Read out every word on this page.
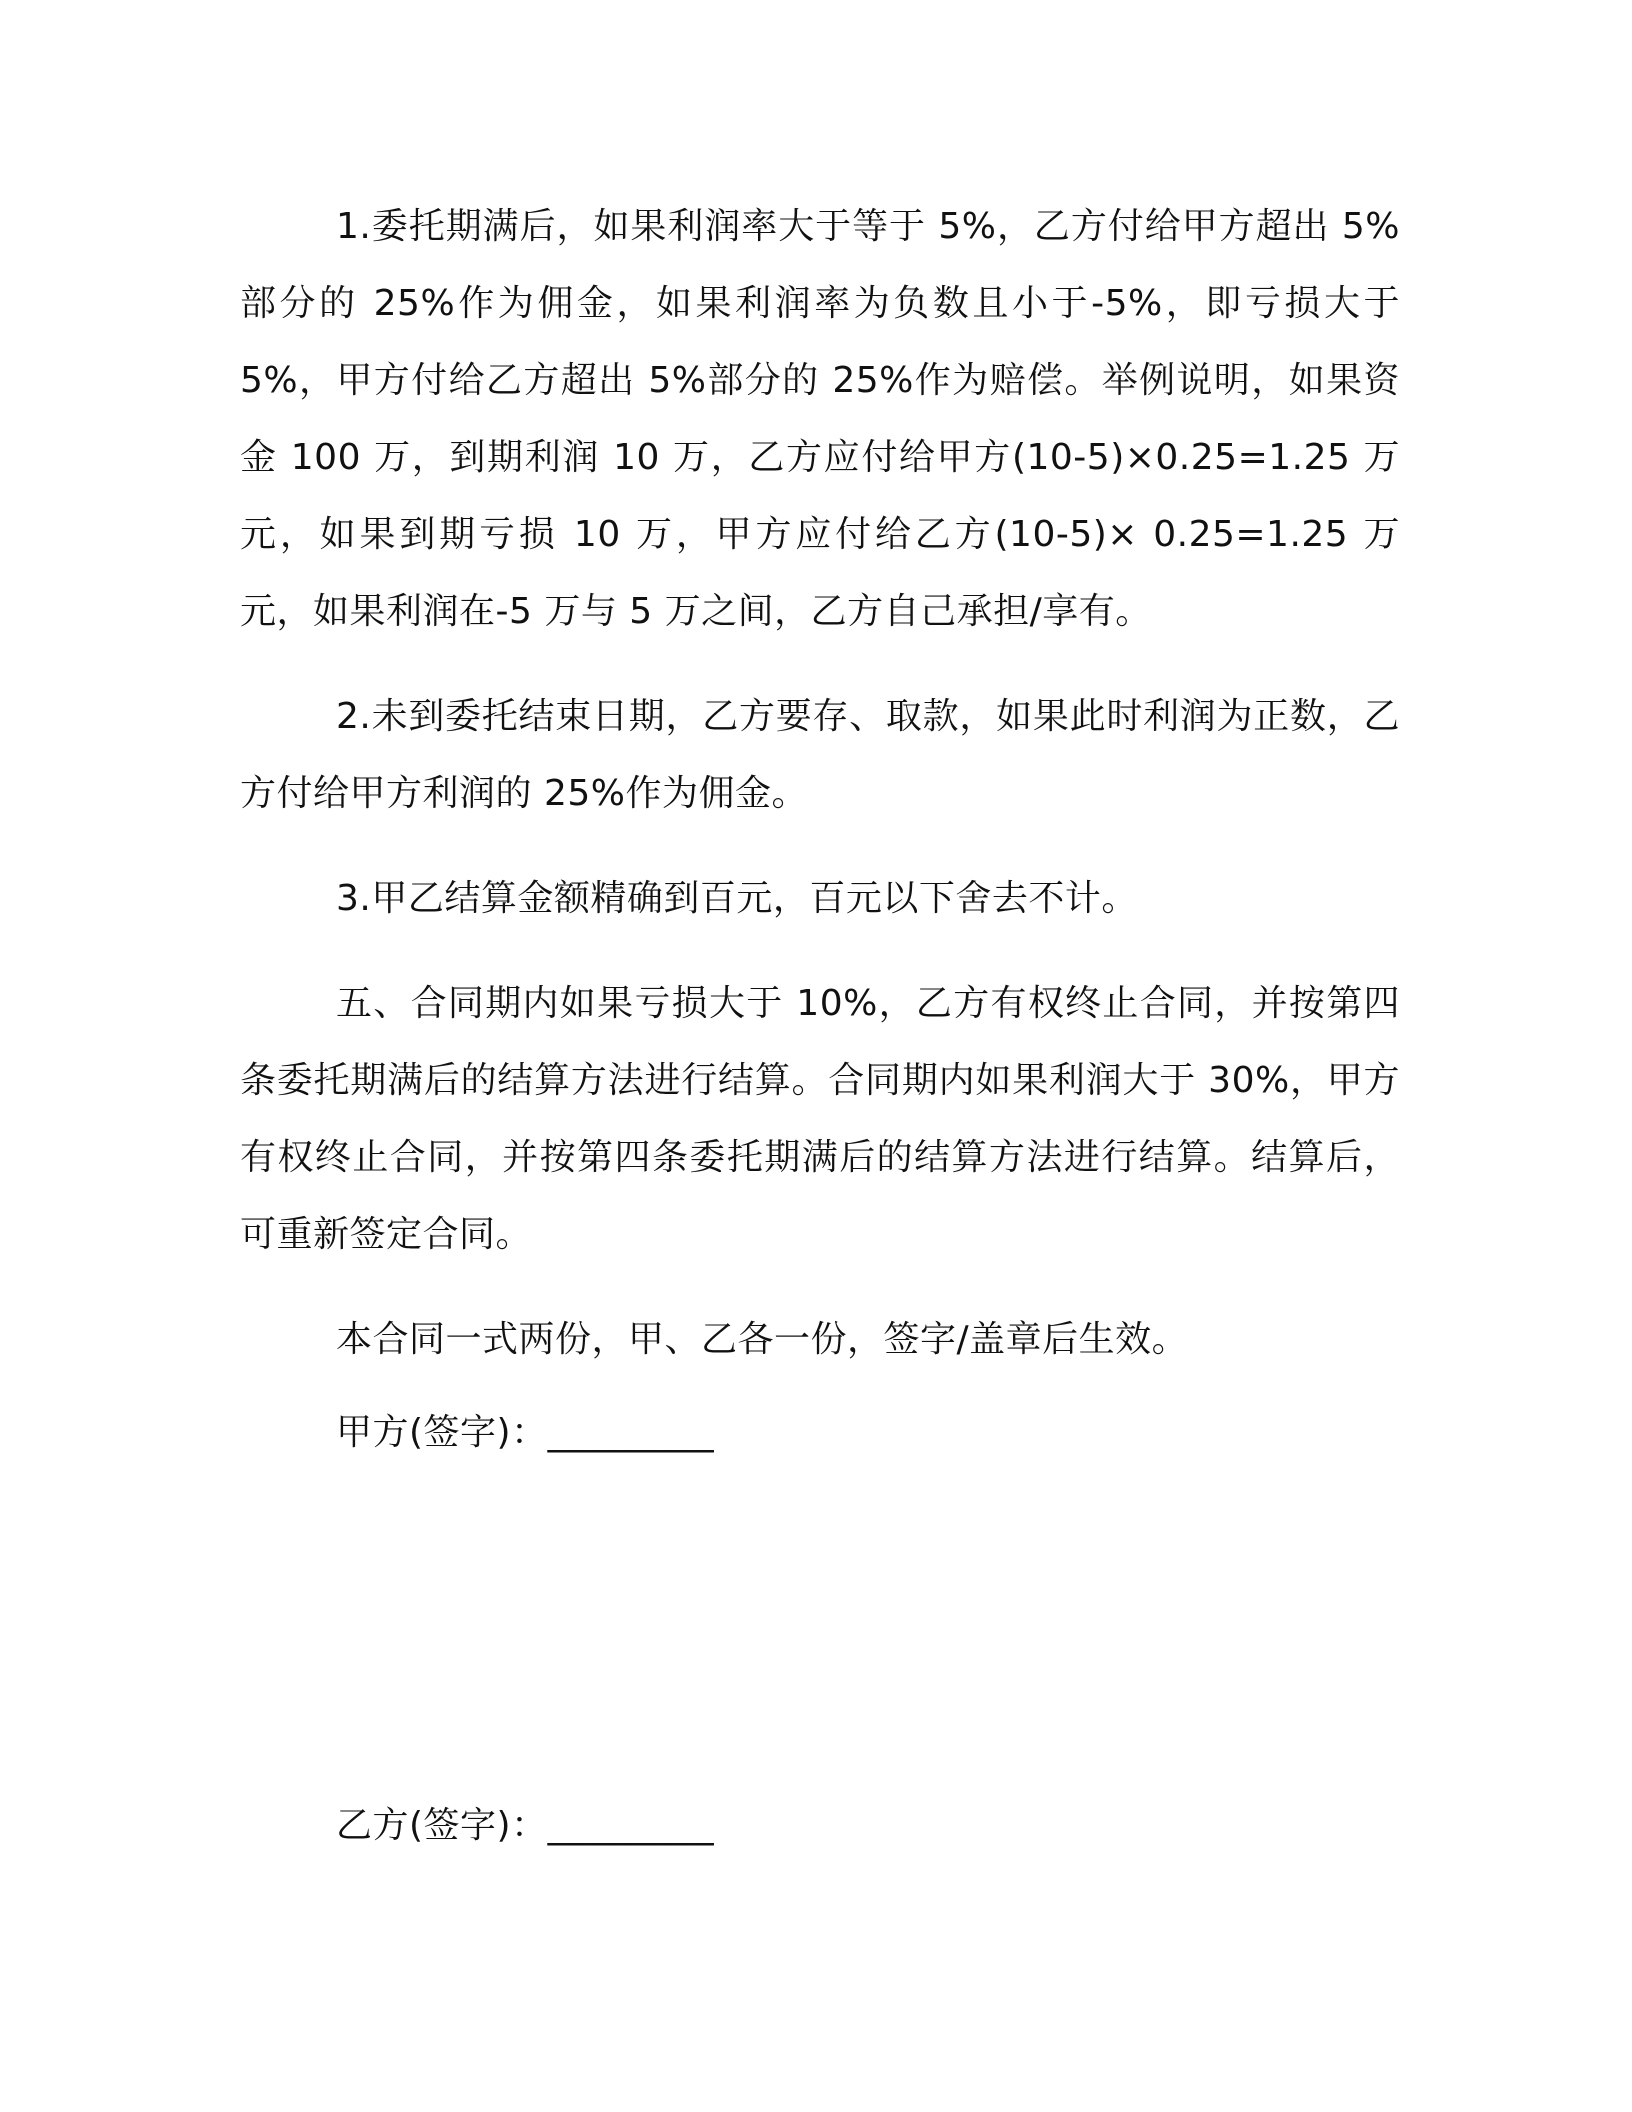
1.委托期满后，如果利润率大于等于 5%，乙方付给甲方超出 5%部分的 25%作为佣金，如果利润率为负数且小于-5%，即亏损大于 5%，甲方付给乙方超出 5%部分的 25%作为赔偿。举例说明，如果资金 100 万，到期利润 10 万，乙方应付给甲方(10-5)×0.25=1.25 万元，如果到期亏损 10 万，甲方应付给乙方(10-5)× 0.25=1.25 万元，如果利润在-5 万与 5 万之间，乙方自己承担/享有。

2.未到委托结束日期，乙方要存、取款，如果此时利润为正数，乙方付给甲方利润的 25%作为佣金。

3.甲乙结算金额精确到百元，百元以下舍去不计。

五、合同期内如果亏损大于 10%，乙方有权终止合同，并按第四条委托期满后的结算方法进行结算。合同期内如果利润大于 30%，甲方有权终止合同，并按第四条委托期满后的结算方法进行结算。结算后，可重新签定合同。

本合同一式两份，甲、乙各一份，签字/盖章后生效。

甲方(签字)：_________
乙方(签字)：_________
